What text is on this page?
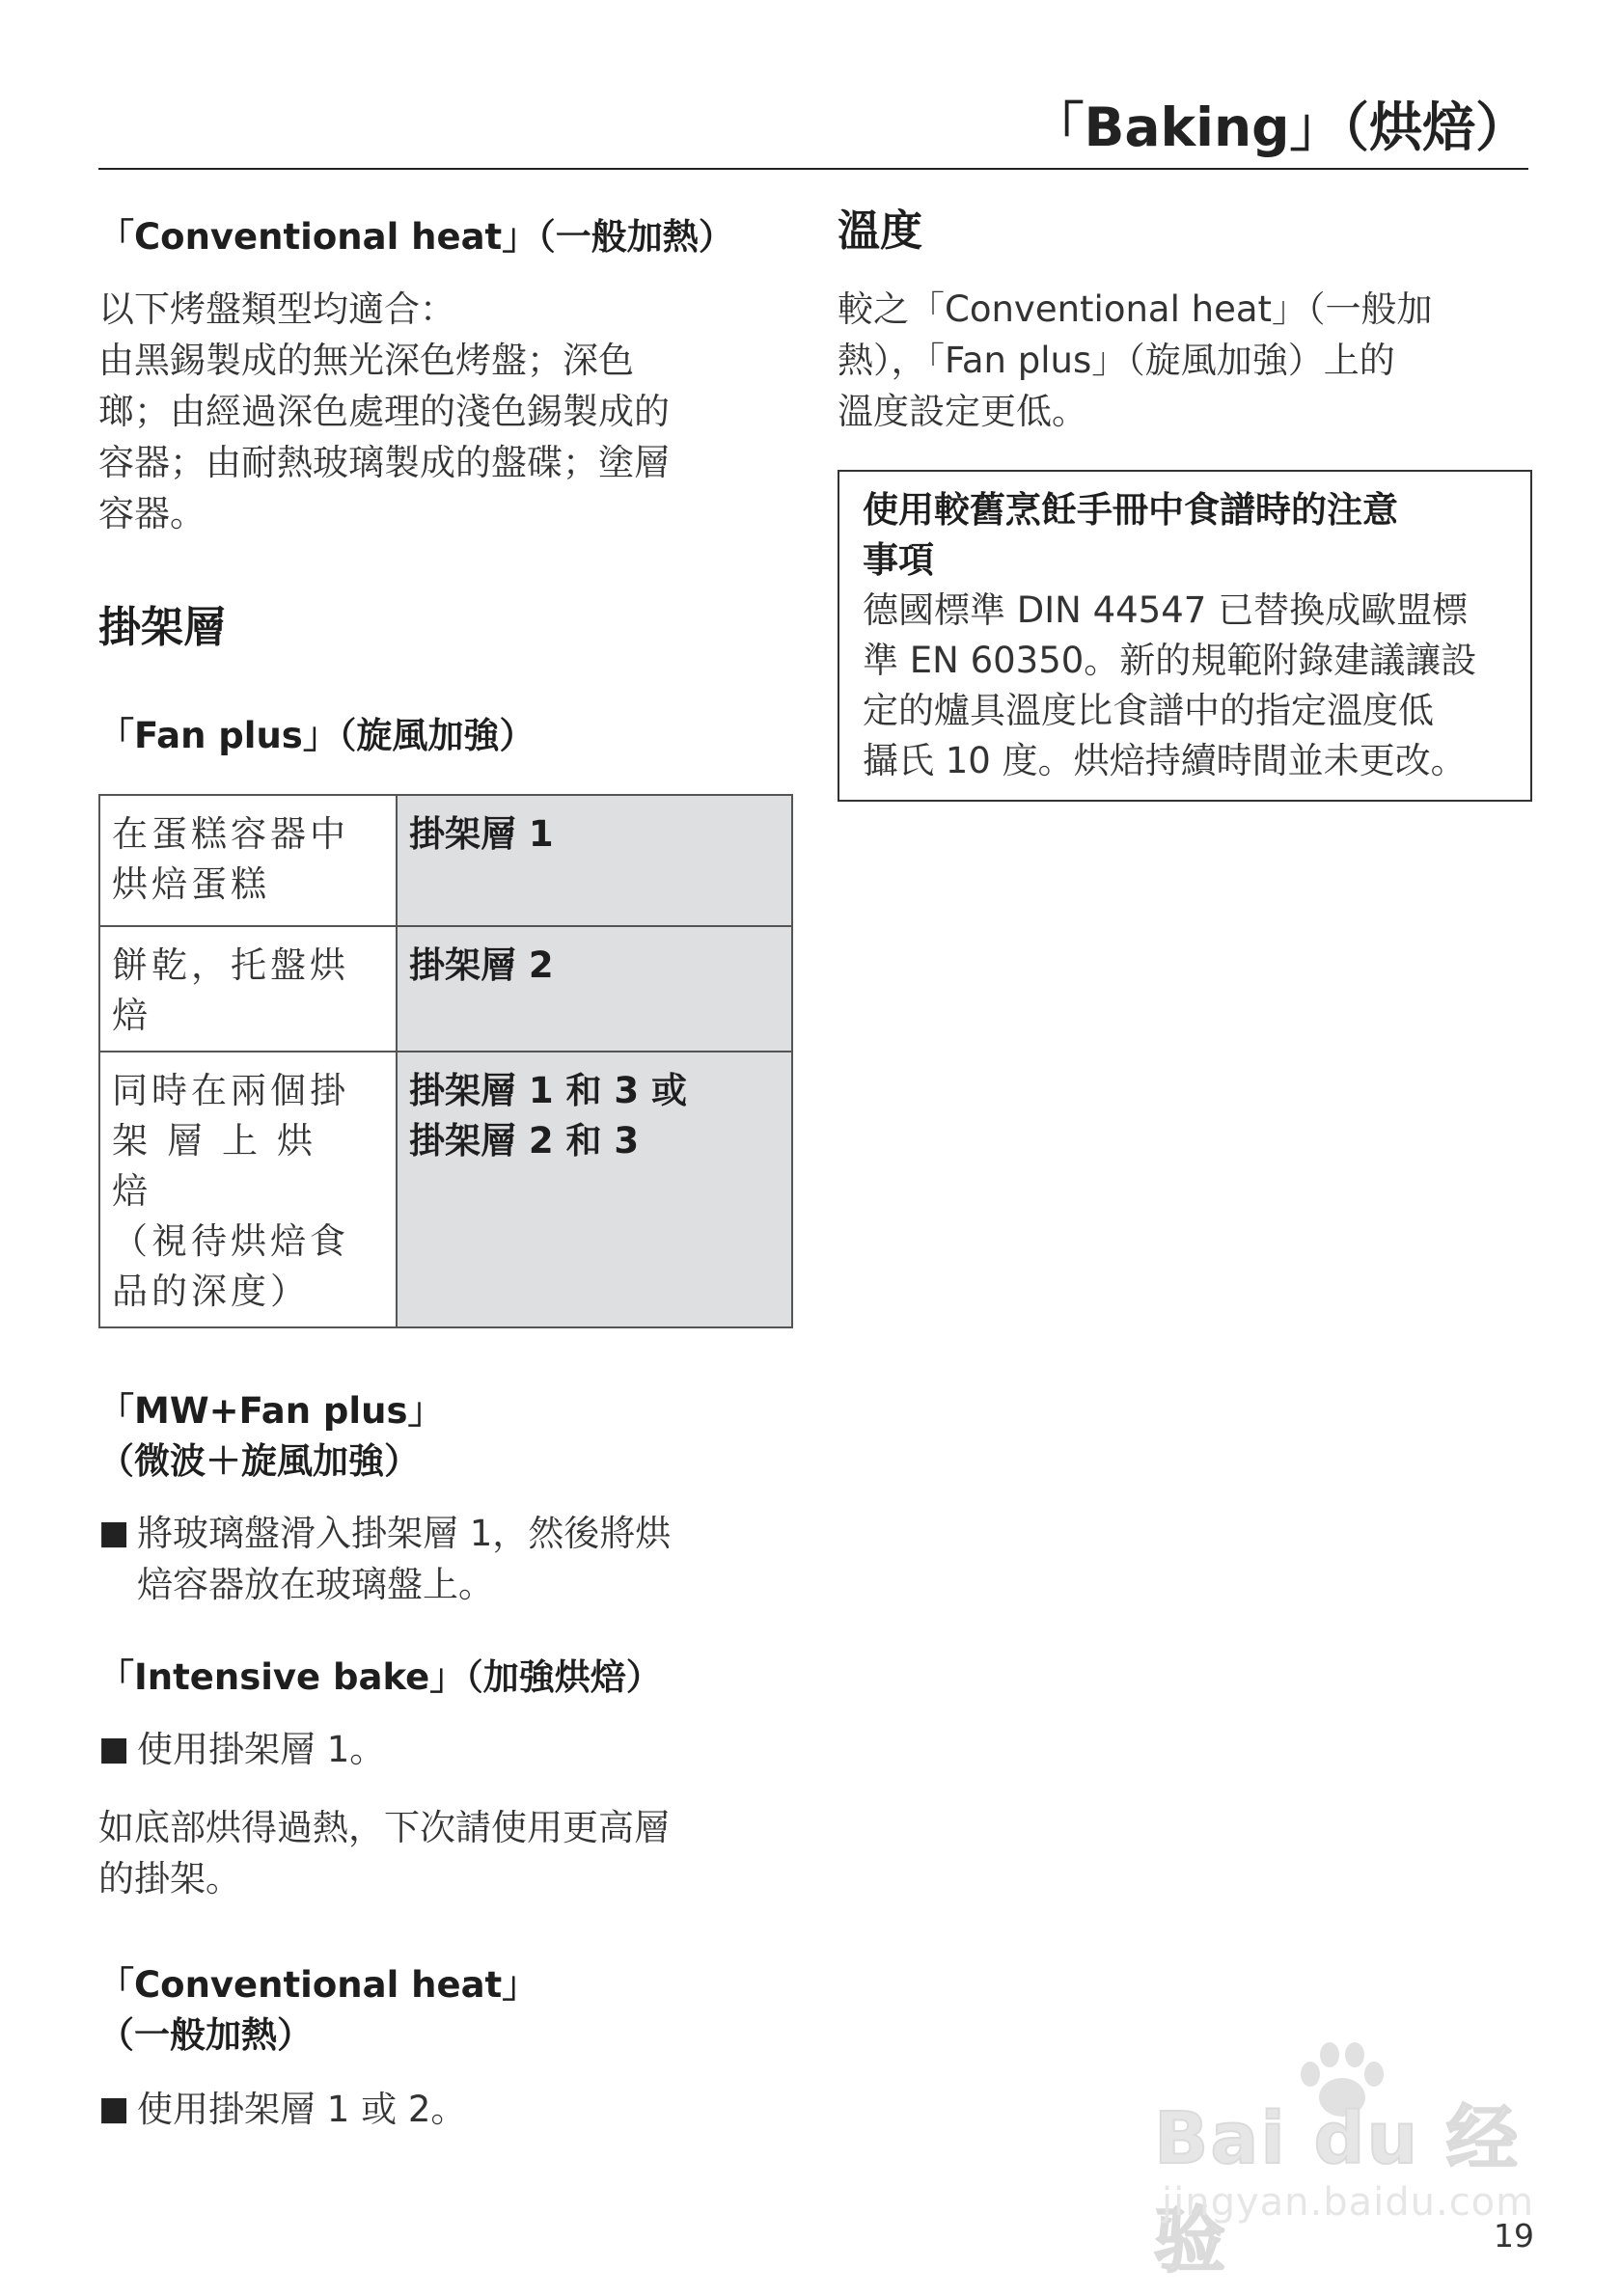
「Baking」（烘焙）

「Conventional heat」（一般加熱）

以下烤盤類型均適合：
由黑錫製成的無光深色烤盤；深色
瑯；由經過深色處理的淺色錫製成的
容器；由耐熱玻璃製成的盤碟；塗層
容器。

掛架層

「Fan plus」（旋風加強）

在蛋糕容器中
烘焙蛋糕	掛架層 1

餅乾，托盤烘
焙	掛架層 2

同時在兩個掛
架層上烘焙
（視待烘焙食
品的深度）	掛架層 1 和 3 或
掛架層 2 和 3

「MW+Fan plus」

（微波＋旋風加強）

■ 將玻璃盤滑入掛架層 1，然後將烘
焙容器放在玻璃盤上。

「Intensive bake」（加強烘焙）

■ 使用掛架層 1。
如底部烘得過熱，下次請使用更高層
的掛架。

「Conventional heat」

（一般加熱）

■ 使用掛架層 1 或 2。

溫度

較之「Conventional heat」（一般加
熱），「Fan plus」（旋風加強）上的
溫度設定更低。
使用較舊烹飪手冊中食譜時的注意
事項
德國標準 DIN 44547 已替換成歐盟標
準 EN 60350。新的規範附錄建議讓設
定的爐具溫度比食譜中的指定溫度低
攝氏 10 度。烘焙持續時間並未更改。
Bai du 经验
jingyan.baidu.com
19
